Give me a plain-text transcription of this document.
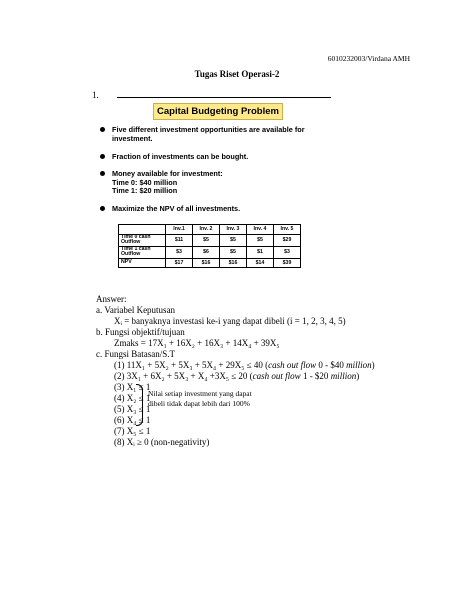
6010232003/Virdana AMH
Tugas Riset Operasi-2
1.
Capital Budgeting Problem
Five different investment opportunities are available for
investment.
Fraction of investments can be bought.
Money available for investment:
Time 0: $40 million
Time 1: $20 million
Maximize the NPV of all investments.
	Inv.1	Inv. 2	Inv. 3	Inv. 4	Inv. 5
Time 0 cash Outflow	$11	$5	$5	$5	$29
Time 1 cash Outflow	$3	$6	$5	$1	$3
NPV	$17	$16	$16	$14	$39
Answer:
a. Variabel Keputusan
Xᵢ = banyaknya investasi ke-i yang dapat dibeli (i = 1, 2, 3, 4, 5)
b. Fungsi objektif/tujuan
Zmaks = 17X₁ + 16X₂ + 16X₃ + 14X₄ + 39X₅
c. Fungsi Batasan/S.T
(1) 11X₁ + 5X₂ + 5X₃ + 5X₄ + 29X₅ ≤ 40 (cash out flow 0 - $40 million)
(2) 3X₁ + 6X₂ + 5X₃ + X₄ +3X₅ ≤ 20 (cash out flow 1 - $20 million)
(3) X₁ ≤ 1
(4) X₂ ≤ 1
(5) X₃ ≤ 1
(6) X₄ ≤ 1
(7) X₅ ≤ 1
(8) Xᵢ ≥ 0 (non-negativity)
Nilai setiap investment yang dapat
dibeli tidak dapat lebih dari 100%
